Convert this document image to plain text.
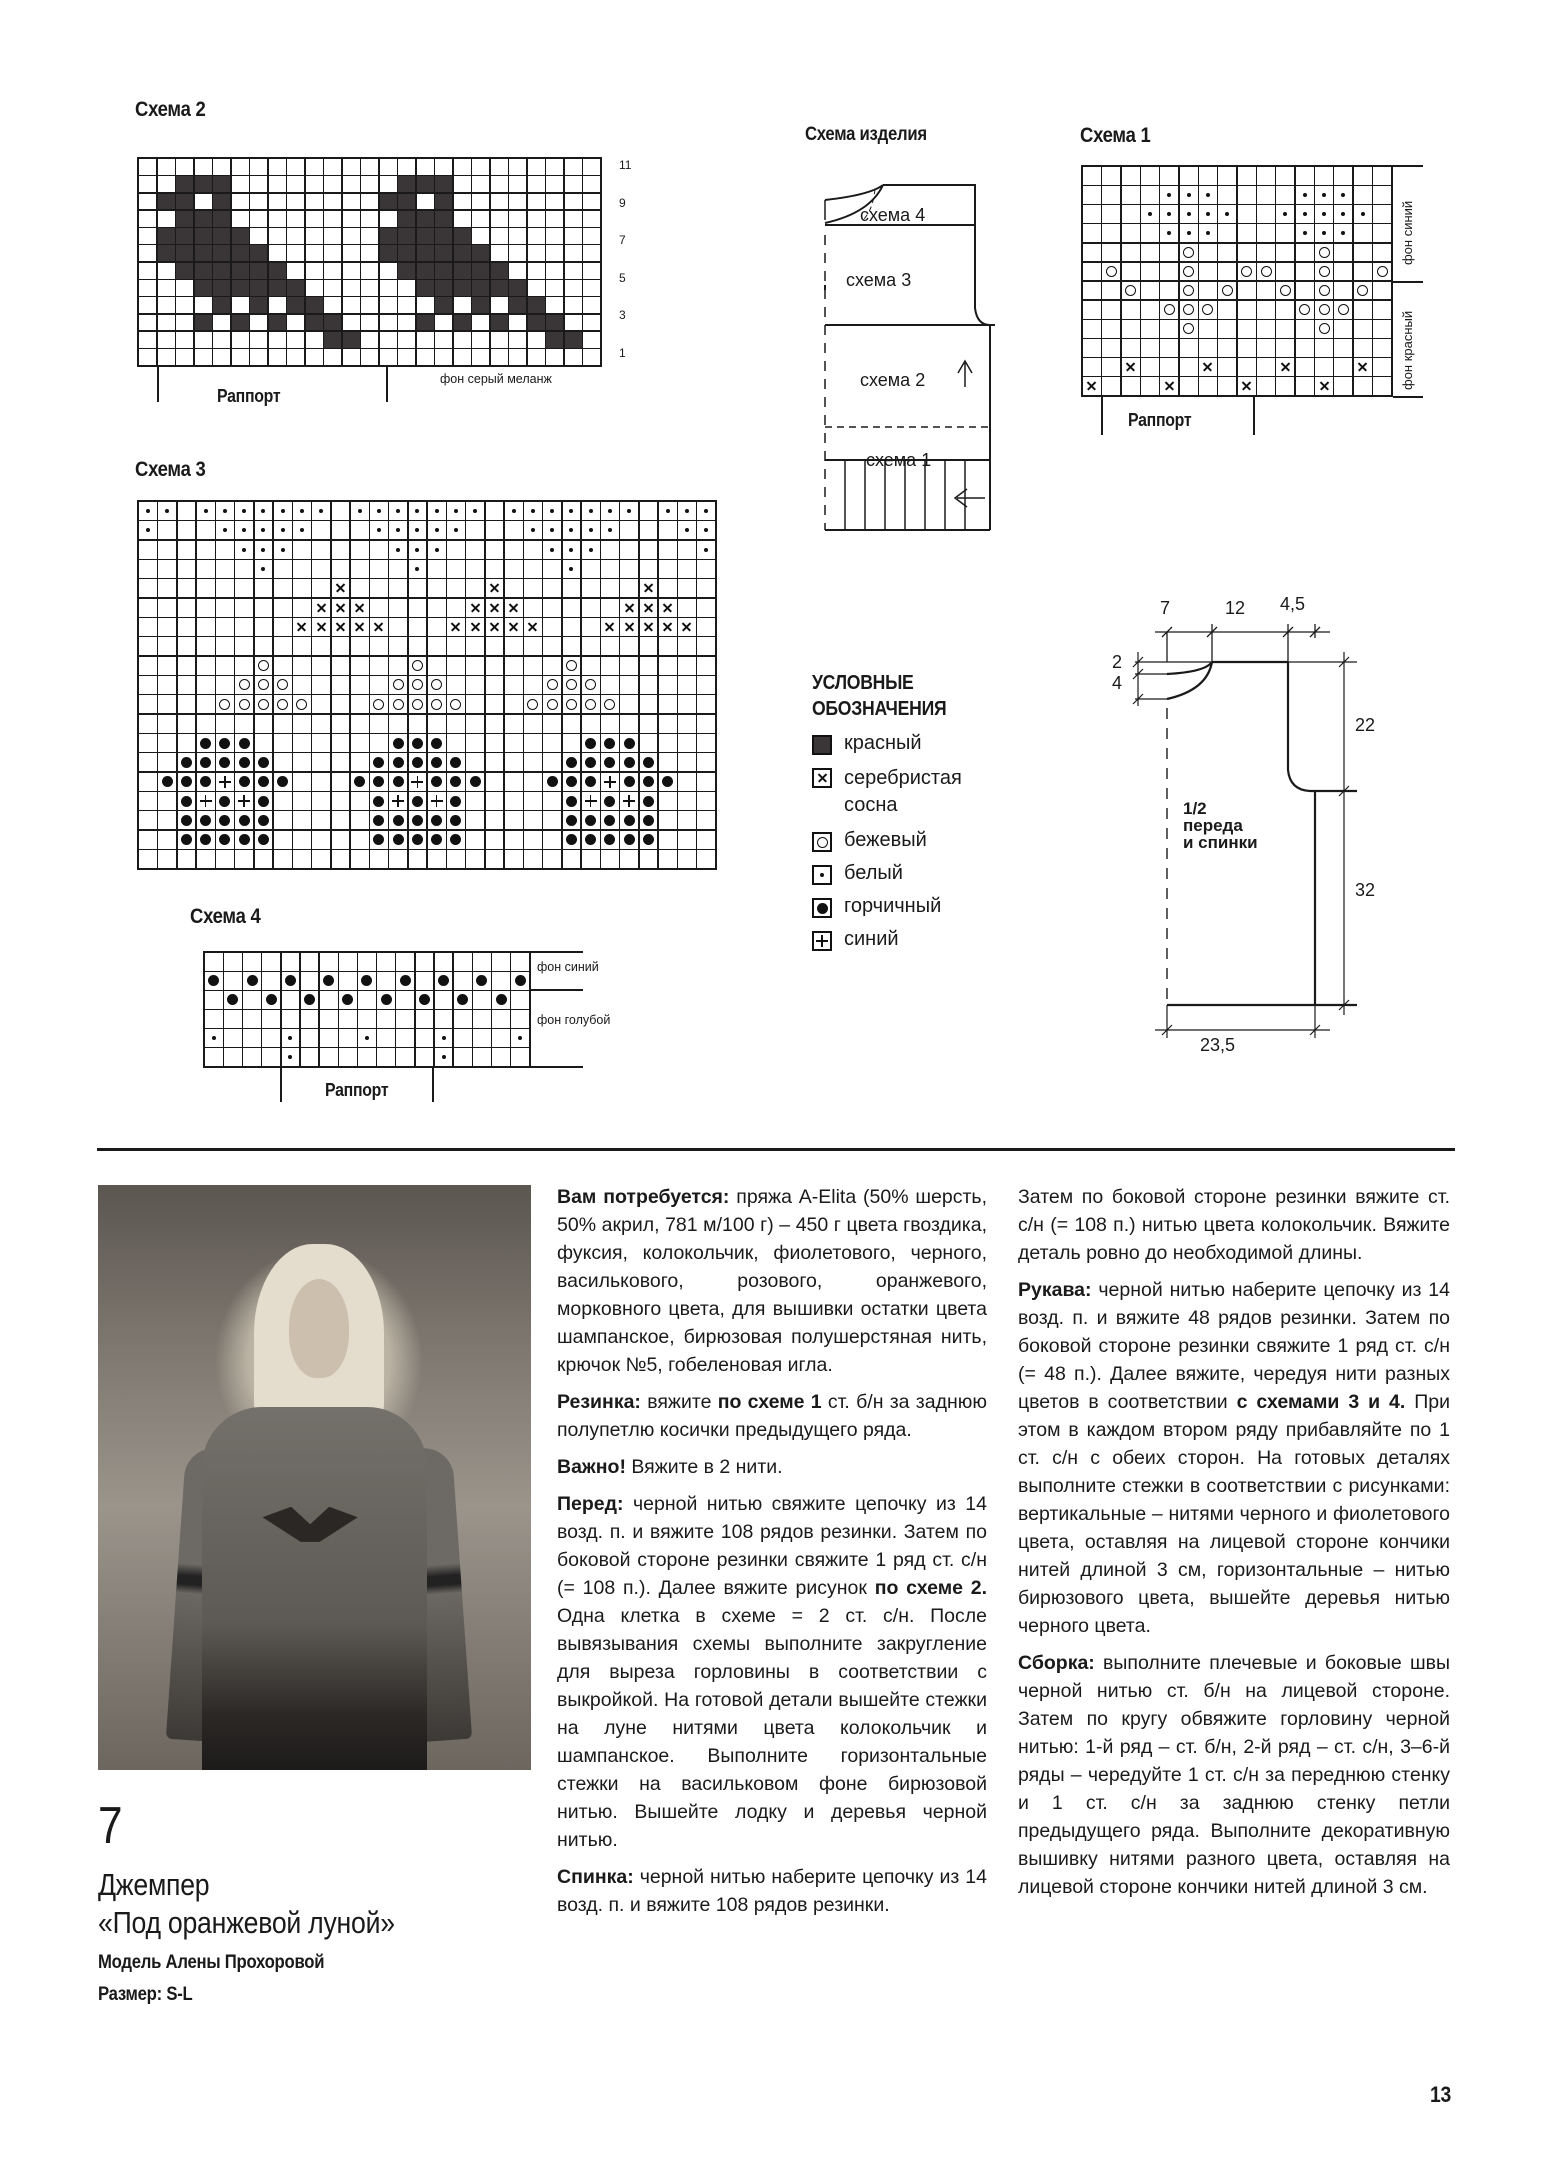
Схема 2
11
9
7
5
3
1
Раппорт
фон серый меланж
Схема изделия
схема 4
схема 3
схема 2
схема 1
Схема 1
фон синий
фон красный
Раппорт
Схема 3
Схема 4
фон синий
фон голубой
Раппорт
УСЛОВНЫЕ
ОБОЗНАЧЕНИЯ
красный
серебристая сосна
бежевый
белый
горчичный
синий
7	12 4,5
2
4
22
32
23,5
1/2
переда
и спинки
7
Джемпер
«Под оранжевой луной»
Модель Алены Прохоровой
Размер: S-L

Вам потребуется: пряжа A-Elita (50% шерсть, 50% акрил, 781 м/100 г) – 450 г цвета гвоздика, фуксия, колокольчик, фиолетового, черного, василькового, розового, оранжевого, морковного цвета, для вышивки остатки цвета шампанское, бирюзовая полушерстяная нить, крючок №5, гобеленовая игла.

Резинка: вяжите по схеме 1 ст. б/н за заднюю полупетлю косички предыдущего ряда.

Важно! Вяжите в 2 нити.

Перед: черной нитью свяжите цепочку из 14 возд. п. и вяжите 108 рядов резинки. Затем по боковой стороне резинки свяжите 1 ряд ст. с/н (= 108 п.). Далее вяжите рисунок по схеме 2. Одна клетка в схеме = 2 ст. с/н. После вывязывания схемы выполните закругление для выреза горловины в соответствии с выкройкой. На готовой детали вышейте стежки на луне нитями цвета колокольчик и шампанское. Выполните горизонтальные стежки на васильковом фоне бирюзовой нитью. Вышейте лодку и деревья черной нитью.

Спинка: черной нитью наберите цепочку из 14 возд. п. и вяжите 108 рядов резинки.

Затем по боковой стороне резинки вяжите ст. с/н (= 108 п.) нитью цвета колокольчик. Вяжите деталь ровно до необходимой длины.

Рукава: черной нитью наберите цепочку из 14 возд. п. и вяжите 48 рядов резинки. Затем по боковой стороне резинки свяжите 1 ряд ст. с/н (= 48 п.). Далее вяжите, чередуя нити разных цветов в соответствии с схемами 3 и 4. При этом в каждом втором ряду прибавляйте по 1 ст. с/н с обеих сторон. На готовых деталях выполните стежки в соответствии с рисунками: вертикальные – нитями черного и фиолетового цвета, оставляя на лицевой стороне кончики нитей длиной 3 см, горизонтальные – нитью бирюзового цвета, вышейте деревья нитью черного цвета.

Сборка: выполните плечевые и боковые швы черной нитью ст. б/н на лицевой стороне. Затем по кругу обвяжите горловину черной нитью: 1-й ряд – ст. б/н, 2-й ряд – ст. с/н, 3–6-й ряды – чередуйте 1 ст. с/н за переднюю стенку и 1 ст. с/н за заднюю стенку петли предыдущего ряда. Выполните декоративную вышивку нитями разного цвета, оставляя на лицевой стороне кончики нитей длиной 3 см.

13
